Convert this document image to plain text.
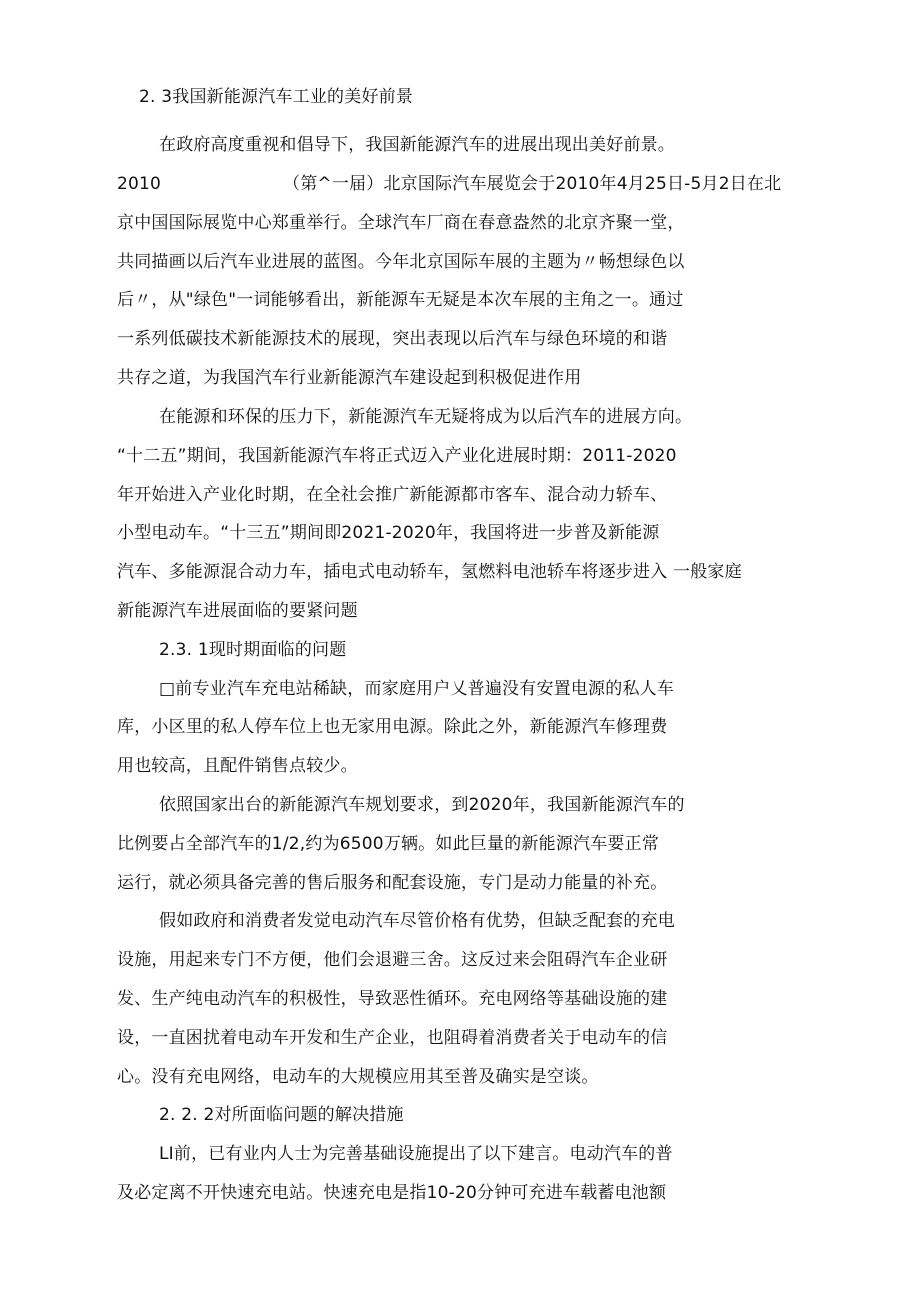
2. 3我国新能源汽车工业的美好前景
在政府高度重视和倡导下，我国新能源汽车的进展出现出美好前景。
2010	（第^一届）北京国际汽车展览会于2010年4月25日-5月2日在北
京中国国际展览中心郑重举行。全球汽车厂商在春意盎然的北京齐聚一堂，
共同描画以后汽车业进展的蓝图。今年北京国际车展的主题为〃畅想绿色以
后〃，从"绿色"一词能够看出，新能源车无疑是本次车展的主角之一。通过
一系列低碳技术新能源技术的展现，突出表现以后汽车与绿色环境的和谐
共存之道，为我国汽车行业新能源汽车建设起到积极促进作用
在能源和环保的压力下，新能源汽车无疑将成为以后汽车的进展方向。
“十二五”期间，我国新能源汽车将正式迈入产业化进展时期：2011-2020
年开始进入产业化时期，在全社会推广新能源都市客车、混合动力轿车、
小型电动车。“十三五”期间即2021-2020年，我国将进一步普及新能源
汽车、多能源混合动力车，插电式电动轿车，氢燃料电池轿车将逐步进入 一般家庭
新能源汽车进展面临的要紧问题
2.3. 1现时期面临的问题
□前专业汽车充电站稀缺，而家庭用户乂普遍没有安置电源的私人车
库，小区里的私人停车位上也无家用电源。除此之外，新能源汽车修理费
用也较高，且配件销售点较少。
依照国家出台的新能源汽车规划要求，到2020年，我国新能源汽车的
比例要占全部汽车的1/2,约为6500万辆。如此巨量的新能源汽车要正常
运行，就必须具备完善的售后服务和配套设施，专门是动力能量的补充。
假如政府和消费者发觉电动汽车尽管价格有优势，但缺乏配套的充电
设施，用起来专门不方便，他们会退避三舍。这反过来会阻碍汽车企业研
发、生产纯电动汽车的积极性，导致恶性循环。充电网络等基础设施的建
设，一直困扰着电动车开发和生产企业，也阻碍着消费者关于电动车的信
心。没有充电网络，电动车的大规模应用其至普及确实是空谈。
2. 2. 2对所面临问题的解决措施
LI前，已有业内人士为完善基础设施提出了以下建言。电动汽车的普
及必定离不开快速充电站。快速充电是指10-20分钟可充进车载蓄电池额
